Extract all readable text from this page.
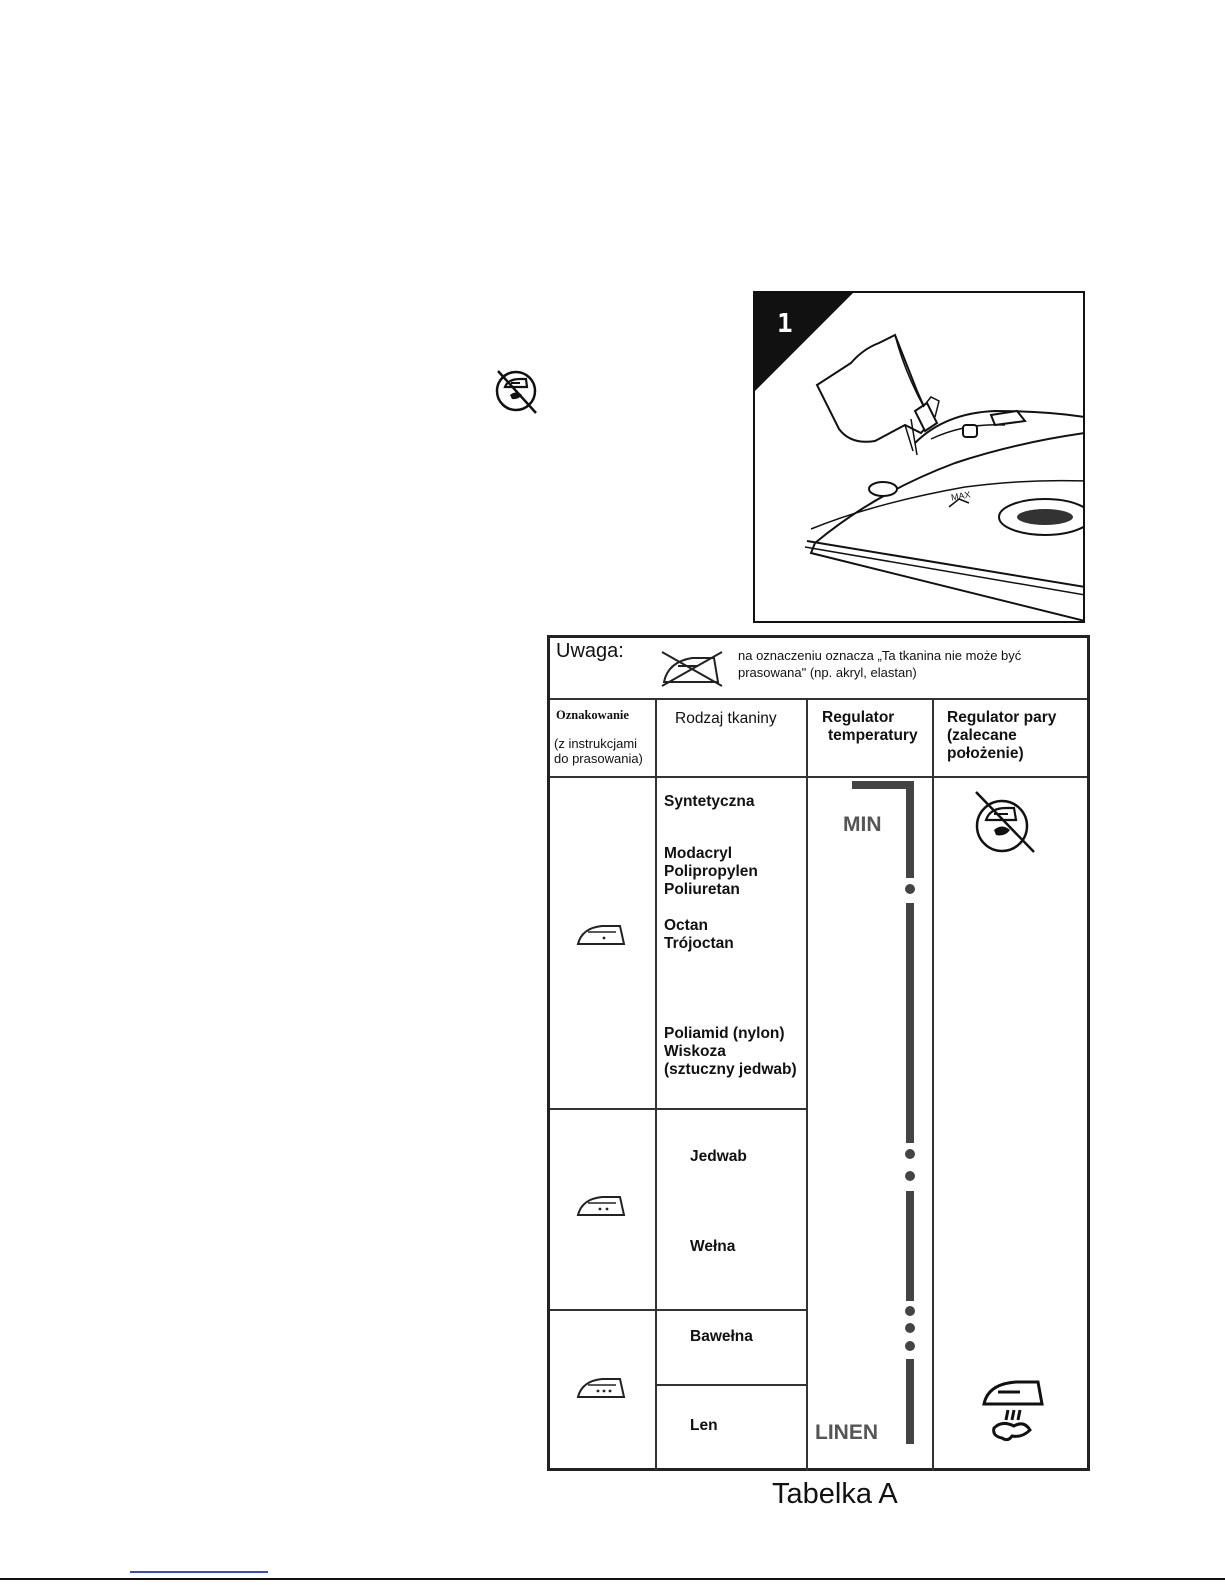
1
MAX
Uwaga:	na oznaczeniu oznacza „Ta tkanina nie może być prasowana" (np. akryl, elastan)
Oznakowanie
(z instrukcjami do prasowania)
Rodzaj tkaniny	Regulator
temperatury
Regulator pary (zalecane położenie)
Syntetyczna
Modacryl
Polipropylen
Poliuretan
Octan
Trójoctan
Poliamid (nylon)
Wiskoza
(sztuczny jedwab)
Jedwab
Wełna
Bawełna
Len
MIN
LINEN
Tabelka A
